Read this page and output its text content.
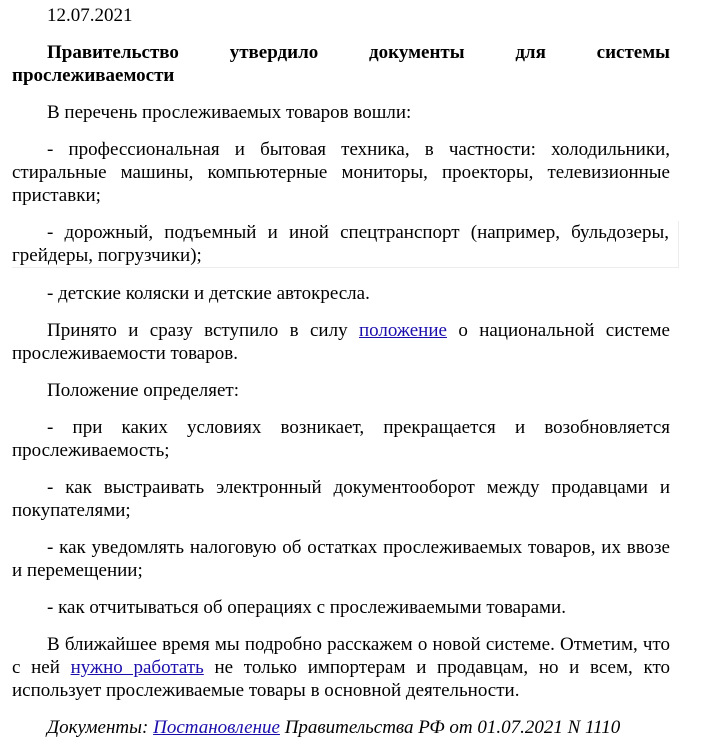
12.07.2021
Правительство утвердило документы для системы
прослеживаемости
В перечень прослеживаемых товаров вошли:
- профессиональная и бытовая техника, в частности: холодильники, стиральные машины, компьютерные мониторы, проекторы, телевизионные приставки;
- дорожный, подъемный и иной спецтранспорт (например, бульдозеры, грейдеры, погрузчики);
- детские коляски и детские автокресла.
Принято и сразу вступило в силу положение о национальной системе прослеживаемости товаров.
Положение определяет:
- при каких условиях возникает, прекращается и возобновляется прослеживаемость;
- как выстраивать электронный документооборот между продавцами и покупателями;
- как уведомлять налоговую об остатках прослеживаемых товаров, их ввозе и перемещении;
- как отчитываться об операциях с прослеживаемыми товарами.
В ближайшее время мы подробно расскажем о новой системе. Отметим, что с ней нужно работать не только импортерам и продавцам, но и всем, кто использует прослеживаемые товары в основной деятельности.
Документы: Постановление Правительства РФ от 01.07.2021 N 1110
